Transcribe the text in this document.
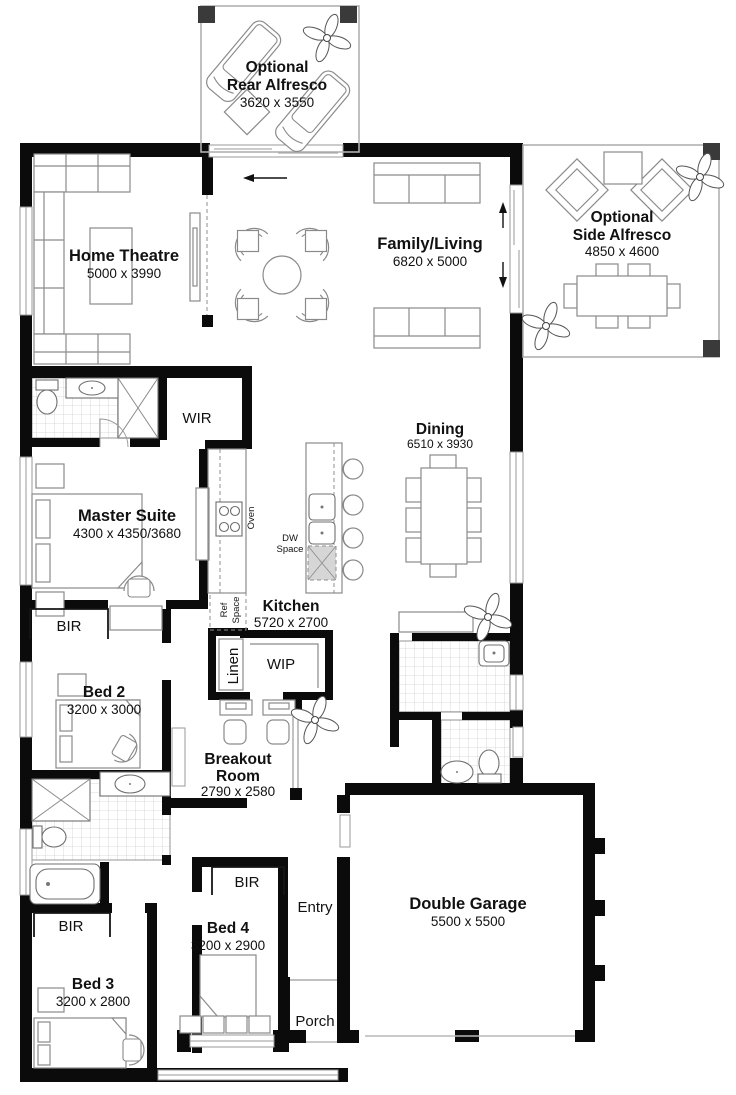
Optional
Rear Alfresco
3620 x 3550
Optional
Side Alfresco
4850 x 4600
Home Theatre
5000 x 3990
Family/Living
6820 x 5000
WIR
Master Suite
4300 x 4350/3680
Ref Space
Oven
DW
Space
Kitchen
5720 x 2700
Dining
6510 x 3930
Linen WIP
BIR
Bed 2
3200 x 3000
Breakout
Room
2790 x 2580
BIR
Bed 3
3200 x 2800
BIR
Bed 4
3200 x 2900
Double Garage
5500 x 5500
Entry
Porch
